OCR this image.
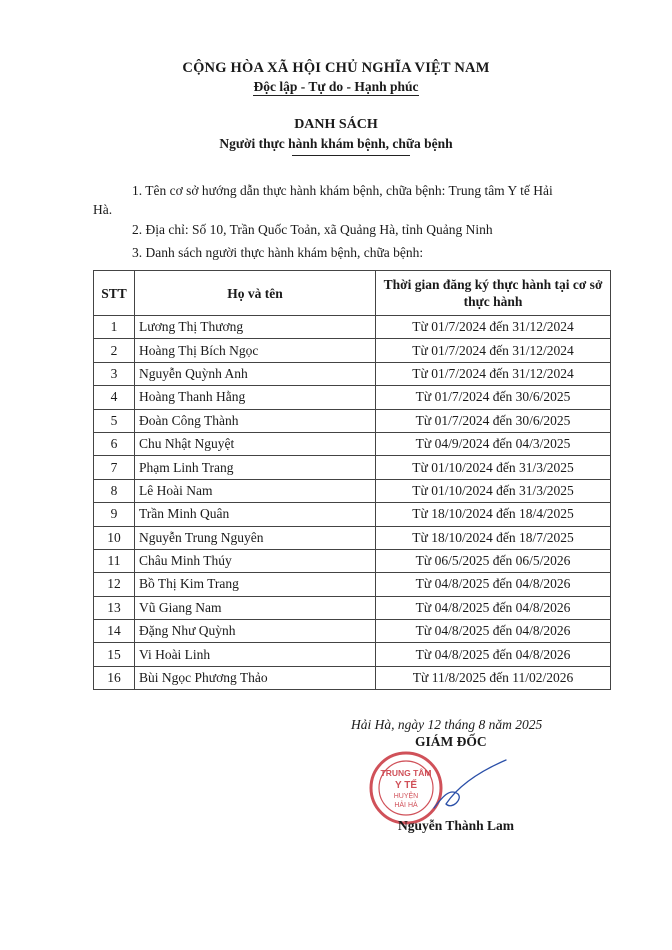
CỘNG HÒA XÃ HỘI CHỦ NGHĨA VIỆT NAM
Độc lập - Tự do - Hạnh phúc
DANH SÁCH
Người thực hành khám bệnh, chữa bệnh
1. Tên cơ sở hướng dẫn thực hành khám bệnh, chữa bệnh: Trung tâm Y tế Hải
Hà.
2. Địa chỉ: Số 10, Trần Quốc Toản, xã Quảng Hà, tỉnh Quảng Ninh
3. Danh sách người thực hành khám bệnh, chữa bệnh:
STT	Họ và tên	Thời gian đăng ký thực hành tại cơ sở thực hành
1	Lương Thị Thương	Từ 01/7/2024 đến 31/12/2024
2	Hoàng Thị Bích Ngọc	Từ 01/7/2024 đến 31/12/2024
3	Nguyễn Quỳnh Anh	Từ 01/7/2024 đến 31/12/2024
4	Hoàng Thanh Hằng	Từ 01/7/2024 đến 30/6/2025
5	Đoàn Công Thành	Từ 01/7/2024 đến 30/6/2025
6	Chu Nhật Nguyệt	Từ 04/9/2024 đến 04/3/2025
7	Phạm Linh Trang	Từ 01/10/2024 đến 31/3/2025
8	Lê Hoài Nam	Từ 01/10/2024 đến 31/3/2025
9	Trần Minh Quân	Từ 18/10/2024 đến 18/4/2025
10	Nguyễn Trung Nguyên	Từ 18/10/2024 đến 18/7/2025
11	Châu Minh Thúy	Từ 06/5/2025 đến 06/5/2026
12	Bồ Thị Kim Trang	Từ 04/8/2025 đến 04/8/2026
13	Vũ Giang Nam	Từ 04/8/2025 đến 04/8/2026
14	Đặng Như Quỳnh	Từ 04/8/2025 đến 04/8/2026
15	Vi Hoài Linh	Từ 04/8/2025 đến 04/8/2026
16	Bùi Ngọc Phương Thảo	Từ 11/8/2025 đến 11/02/2026
Hải Hà, ngày 12 tháng 8 năm 2025
GIÁM ĐỐC
TRUNG TÂM
Y TẾ
HUYỆN
HẢI HÀ
Nguyễn Thành Lam
